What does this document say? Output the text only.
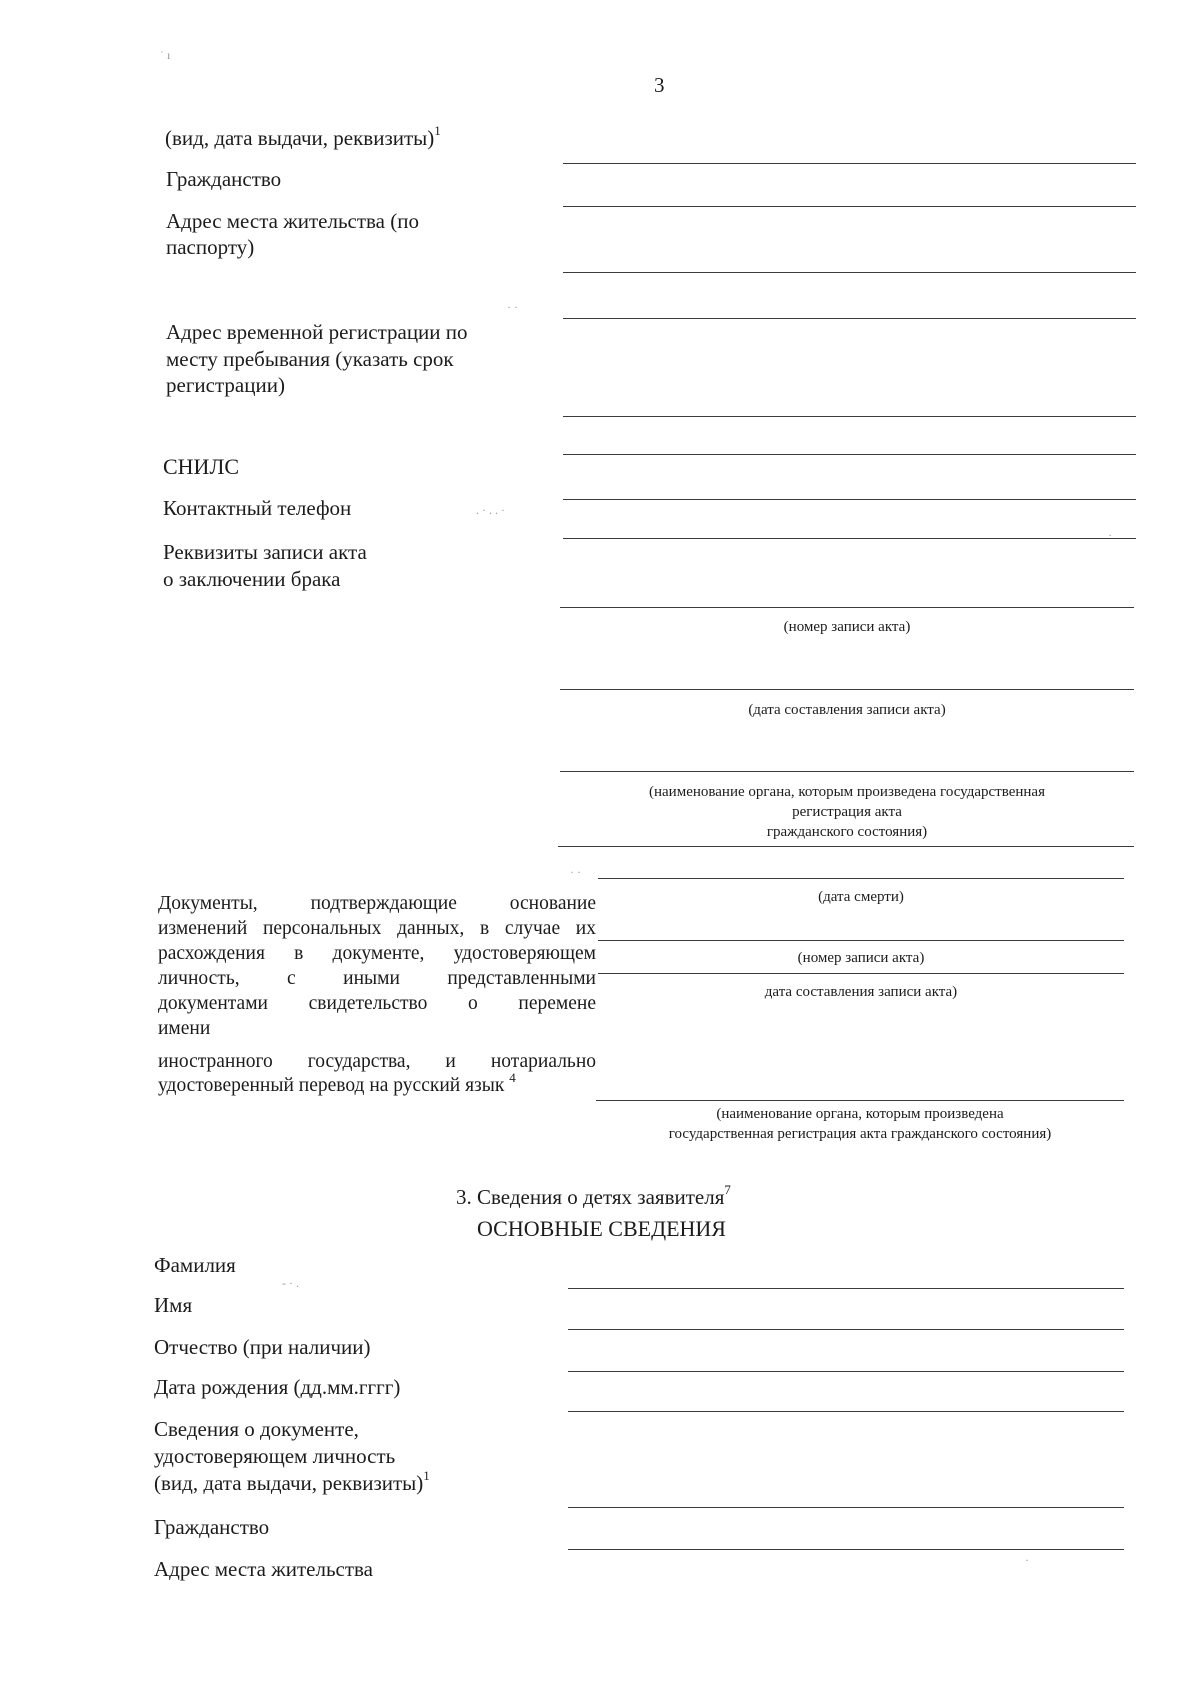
3
(вид, дата выдачи, реквизиты)$^1$
Гражданство
Адрес места жительства (по
паспорту)
Адрес временной регистрации по
месту пребывания (указать срок
регистрации)
СНИЛС
Контактный телефон
Реквизиты записи акта
о заключении брака
(номер записи акта)
(дата составления записи акта)
(наименование органа, которым произведена государственная
регистрация акта
гражданского состояния)
Документы, подтверждающие основание
изменений персональных данных, в случае их
расхождения в документе, удостоверяющем
личность, с иными представленными
документами свидетельство о перемене
имени
иностранного государства, и нотариально
удостоверенный перевод на русский язык $^4$
(дата смерти)
(номер записи акта)
дата составления записи акта)
(наименование органа, которым произведена
государственная регистрация акта гражданского состояния)
3. Сведения о детях заявителя$^7$
ОСНОВНЫЕ СВЕДЕНИЯ
Фамилия
Имя
Отчество (при наличии)
Дата рождения (дд.мм.гггг)
Сведения о документе,
удостоверяющем личность
(вид, дата выдачи, реквизиты)$^1$
Гражданство
Адрес места жительства
˙ ı
. · . . ·
· ·
- · .
· ·
·
·
